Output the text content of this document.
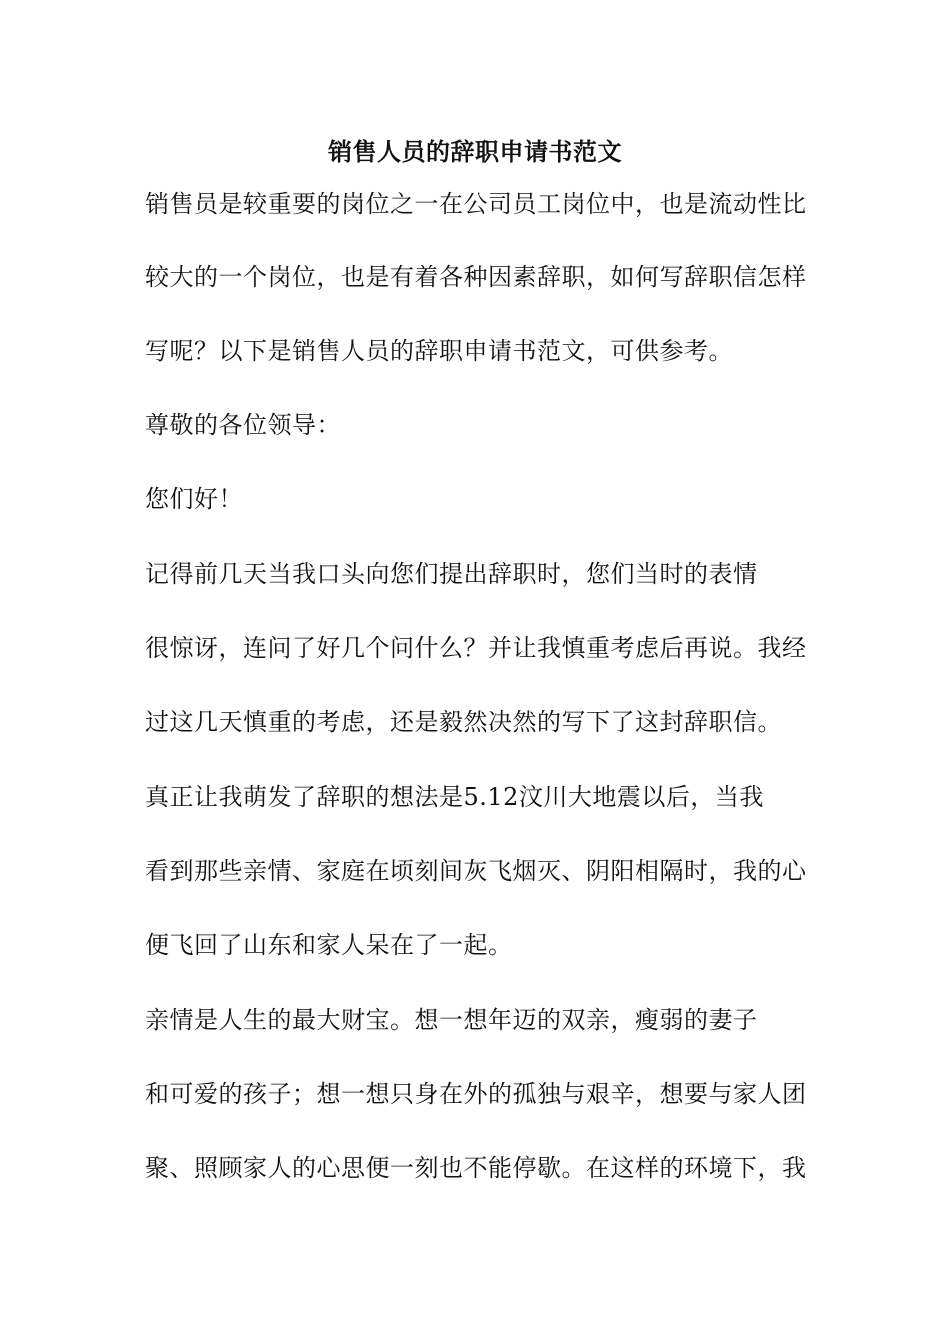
销售人员的辞职申请书范文
销售员是较重要的岗位之一在公司员工岗位中，也是流动性比
较大的一个岗位，也是有着各种因素辞职，如何写辞职信怎样
写呢？以下是销售人员的辞职申请书范文，可供参考。
尊敬的各位领导：
您们好！
记得前几天当我口头向您们提出辞职时，您们当时的表情
很惊讶，连问了好几个问什么？并让我慎重考虑后再说。我经
过这几天慎重的考虑，还是毅然决然的写下了这封辞职信。
真正让我萌发了辞职的想法是5.12汶川大地震以后，当我
看到那些亲情、家庭在顷刻间灰飞烟灭、阴阳相隔时，我的心
便飞回了山东和家人呆在了一起。
亲情是人生的最大财宝。想一想年迈的双亲，瘦弱的妻子
和可爱的孩子；想一想只身在外的孤独与艰辛，想要与家人团
聚、照顾家人的心思便一刻也不能停歇。在这样的环境下，我
